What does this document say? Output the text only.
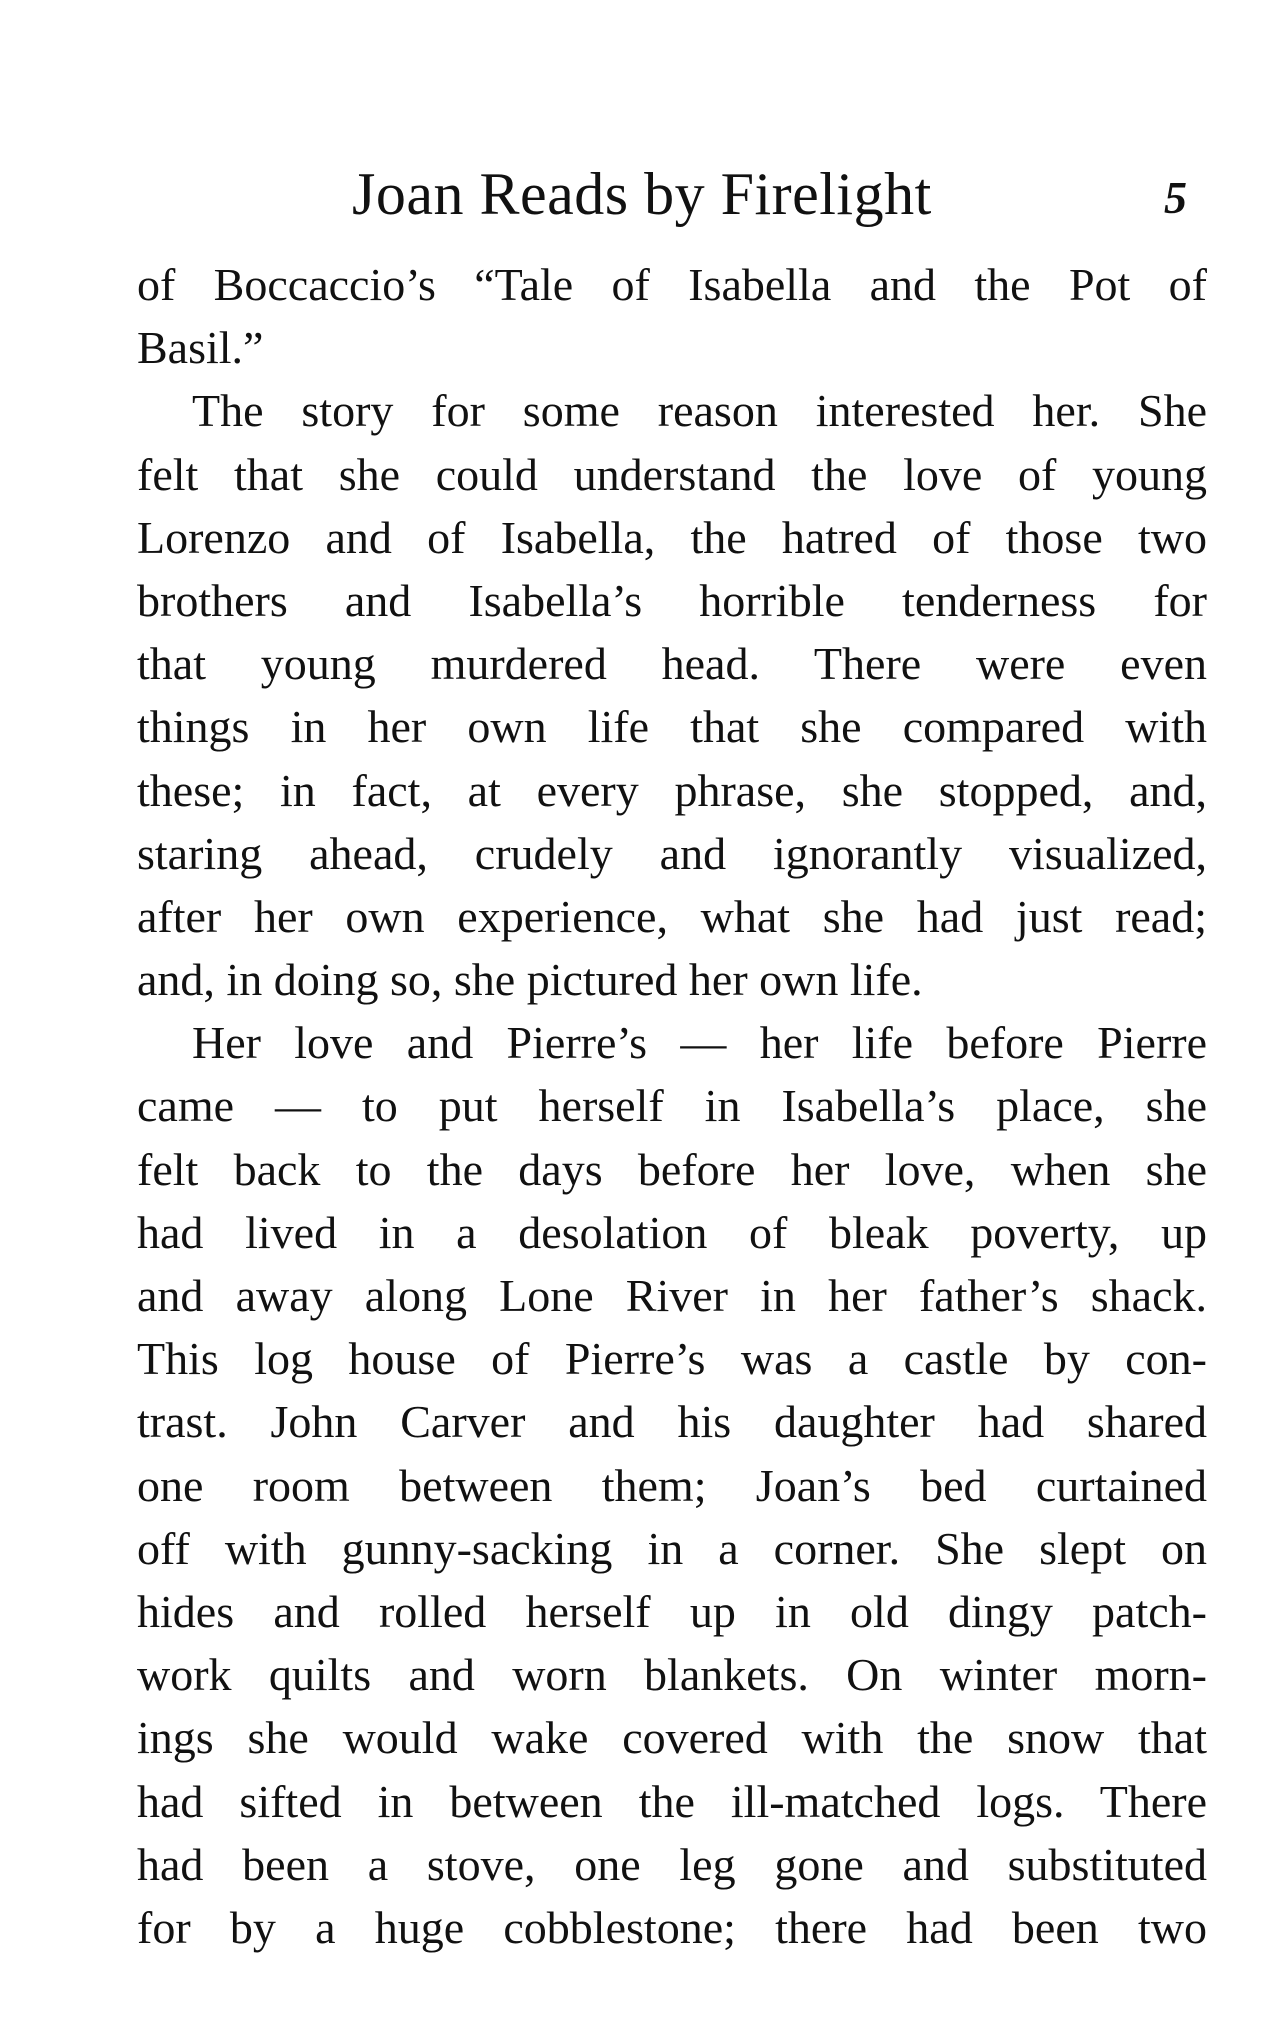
Joan Reads by Firelight	5
of Boccaccio’s “Tale of Isabella and the Pot of
Basil.”
The story for some reason interested her. She
felt that she could understand the love of young
Lorenzo and of Isabella, the hatred of those two
brothers and Isabella’s horrible tenderness for
that young murdered head. There were even
things in her own life that she compared with
these; in fact, at every phrase, she stopped, and,
staring ahead, crudely and ignorantly visualized,
after her own experience, what she had just read;
and, in doing so, she pictured her own life.
Her love and Pierre’s — her life before Pierre
came — to put herself in Isabella’s place, she
felt back to the days before her love, when she
had lived in a desolation of bleak poverty, up
and away along Lone River in her father’s shack.
This log house of Pierre’s was a castle by con-
trast. John Carver and his daughter had shared
one room between them; Joan’s bed curtained
off with gunny-sacking in a corner. She slept on
hides and rolled herself up in old dingy patch-
work quilts and worn blankets. On winter morn-
ings she would wake covered with the snow that
had sifted in between the ill-matched logs. There
had been a stove, one leg gone and substituted
for by a huge cobblestone; there had been two
